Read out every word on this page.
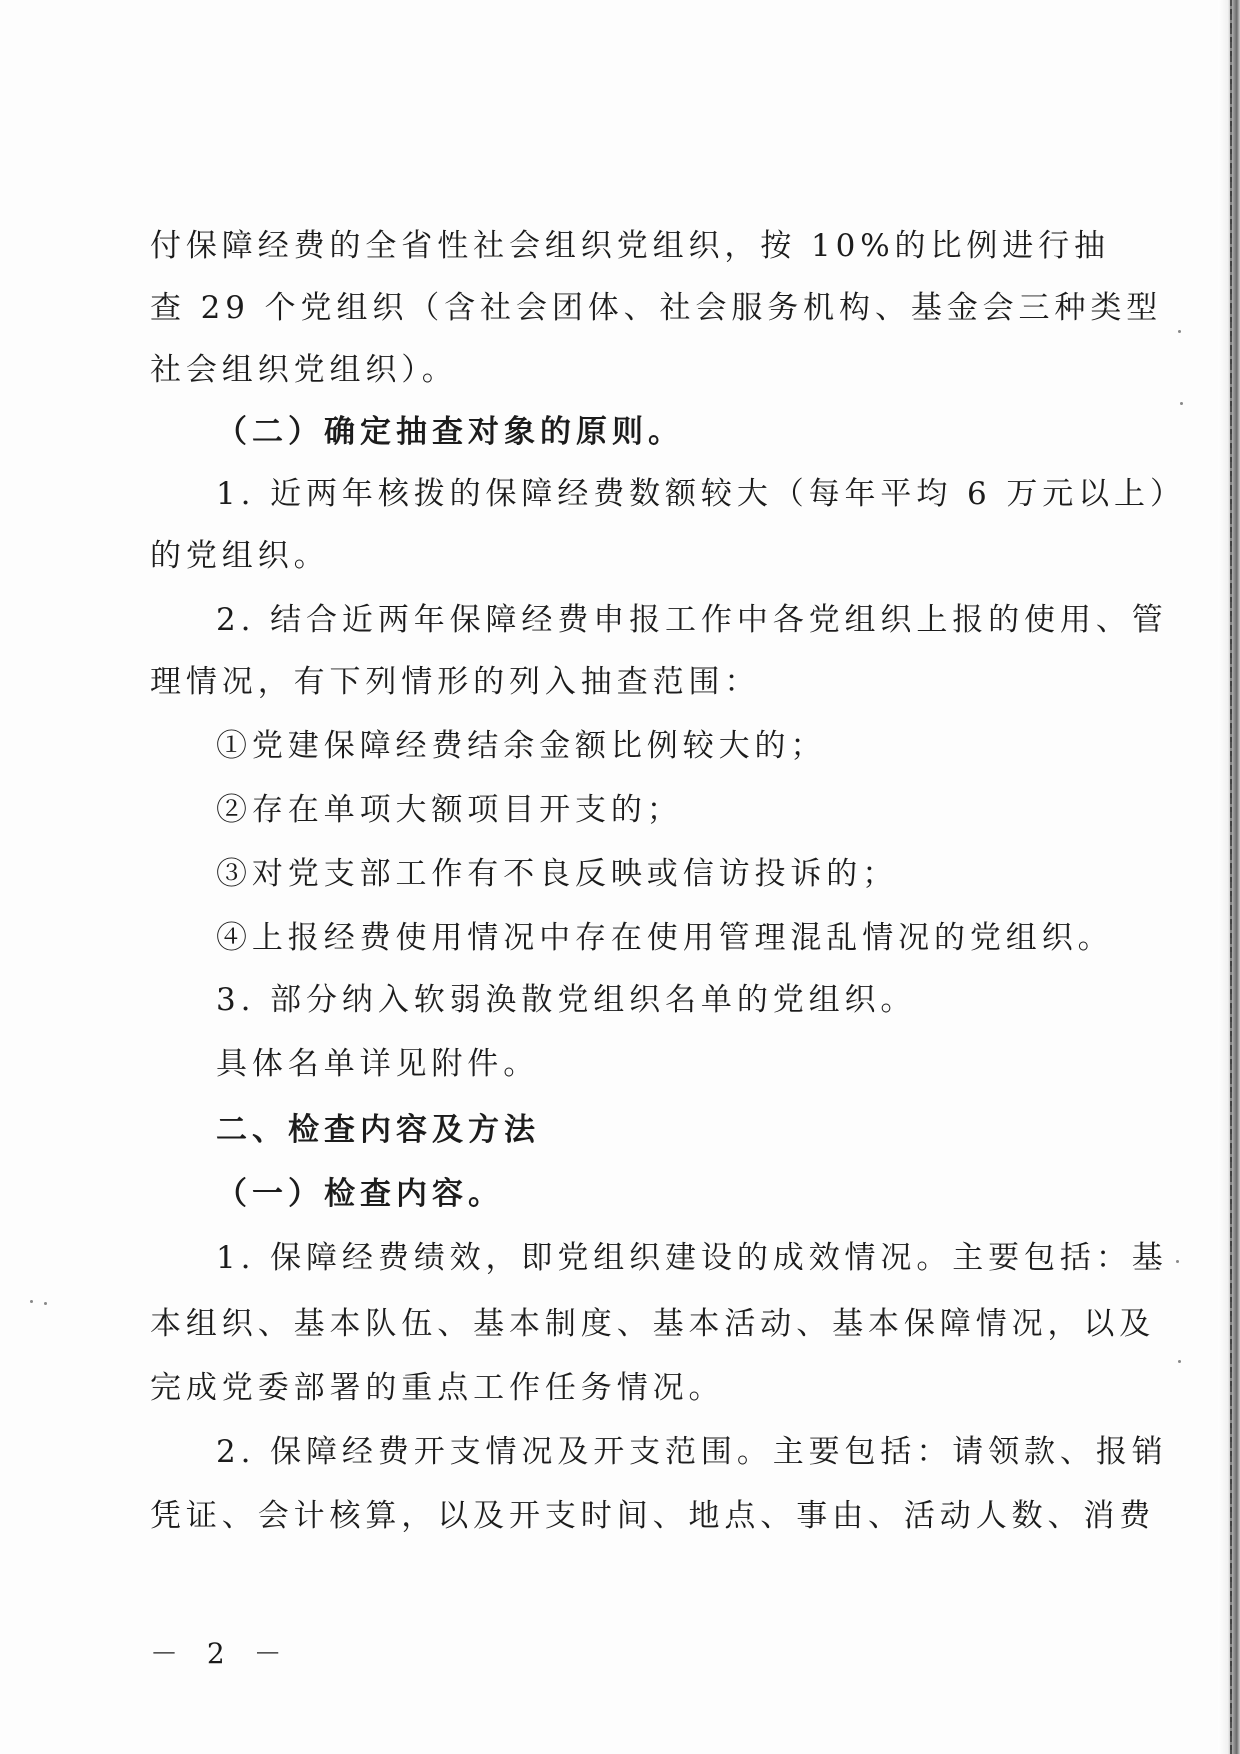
付保障经费的全省性社会组织党组织，按 10%的比例进行抽
查 29 个党组织（含社会团体、社会服务机构、基金会三种类型
社会组织党组织）。
（二）确定抽查对象的原则。
1. 近两年核拨的保障经费数额较大（每年平均 6 万元以上）
的党组织。
2. 结合近两年保障经费申报工作中各党组织上报的使用、管
理情况，有下列情形的列入抽查范围：
①党建保障经费结余金额比例较大的；
②存在单项大额项目开支的；
③对党支部工作有不良反映或信访投诉的；
④上报经费使用情况中存在使用管理混乱情况的党组织。
3. 部分纳入软弱涣散党组织名单的党组织。
具体名单详见附件。
二、检查内容及方法
（一）检查内容。
1. 保障经费绩效，即党组织建设的成效情况。主要包括：基
本组织、基本队伍、基本制度、基本活动、基本保障情况，以及
完成党委部署的重点工作任务情况。
2. 保障经费开支情况及开支范围。主要包括：请领款、报销
凭证、会计核算，以及开支时间、地点、事由、活动人数、消费
－ 2 －
